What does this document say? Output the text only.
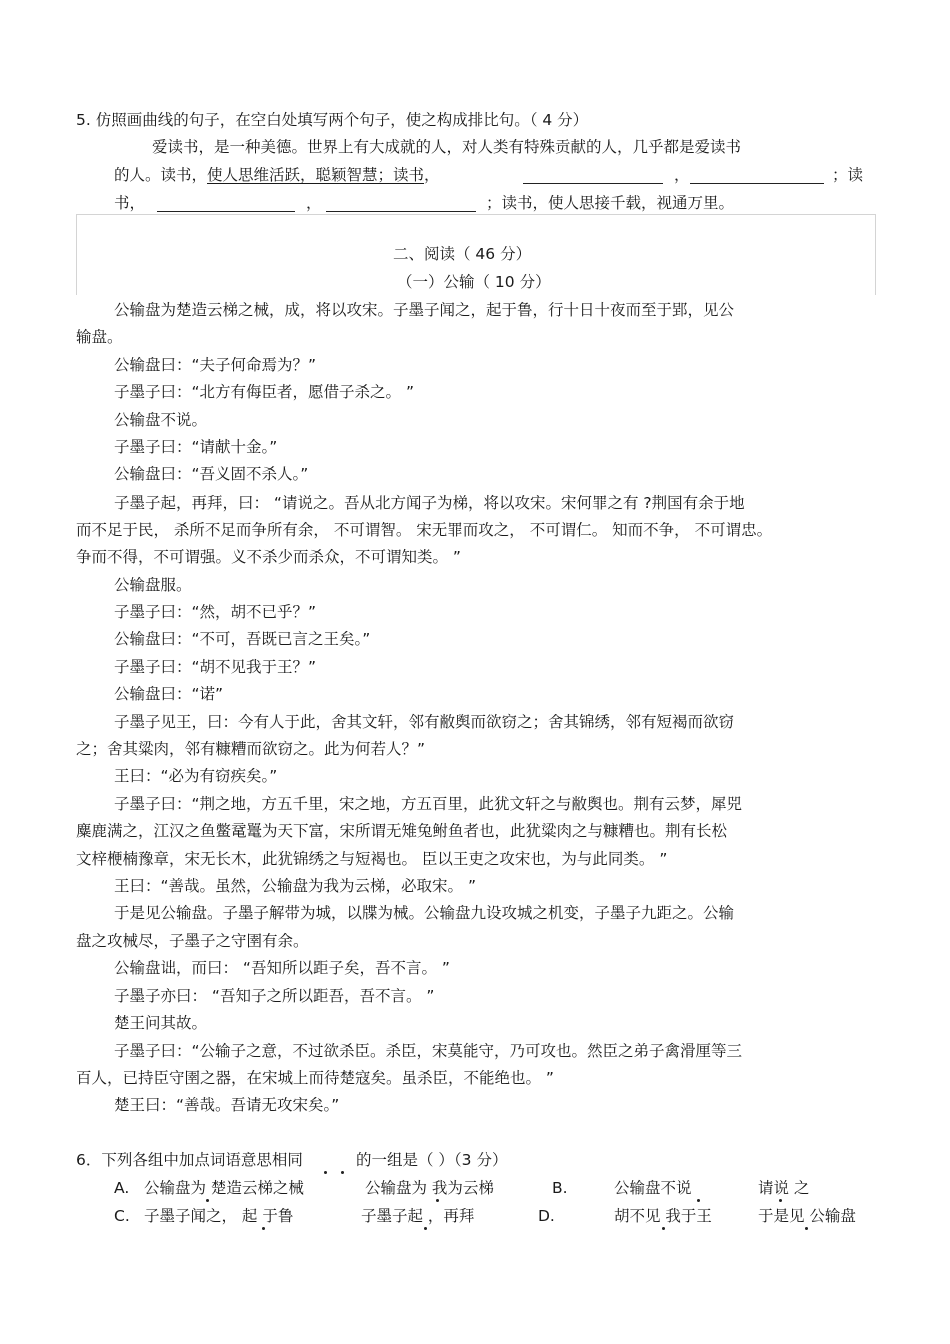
5. 仿照画曲线的句子，在空白处填写两个句子，使之构成排比句。（ 4 分）
爱读书，是一种美德。世界上有大成就的人，对人类有特殊贡献的人，几乎都是爱读书
的人。读书，使人思维活跃，聪颖智慧；读书，	，	；读
书，	，	；读书，使人思接千载，视通万里。
二、阅读（ 46 分）
（一）公输（ 10 分）
公输盘为楚造云梯之械，成，将以攻宋。子墨子闻之，起于鲁，行十日十夜而至于郢，见公
输盘。
公输盘曰：“夫子何命焉为？”
子墨子曰：“北方有侮臣者，愿借子杀之。 ”
公输盘不说。
子墨子曰：“请献十金。”
公输盘曰：“吾义固不杀人。”
子墨子起，再拜，曰： “请说之。吾从北方闻子为梯，将以攻宋。宋何罪之有 ?荆国有余于地
而不足于民， 杀所不足而争所有余， 不可谓智。 宋无罪而攻之， 不可谓仁。 知而不争， 不可谓忠。
争而不得，不可谓强。义不杀少而杀众，不可谓知类。 ”
公输盘服。
子墨子曰：“然，胡不已乎？”
公输盘曰：“不可，吾既已言之王矣。”
子墨子曰：“胡不见我于王？”
公输盘曰：“诺”
子墨子见王，曰：今有人于此，舍其文轩，邻有敝舆而欲窃之；舍其锦绣，邻有短褐而欲窃
之；舍其粱肉，邻有糠糟而欲窃之。此为何若人？”
王曰：“必为有窃疾矣。”
子墨子曰：“荆之地，方五千里，宋之地，方五百里，此犹文轩之与敝舆也。荆有云梦，犀兕
麋鹿满之，江汉之鱼鳖鼋鼍为天下富，宋所谓无雉兔鲋鱼者也，此犹粱肉之与糠糟也。荆有长松
文梓楩楠豫章，宋无长木，此犹锦绣之与短褐也。 臣以王吏之攻宋也，为与此同类。 ”
王曰：“善哉。虽然，公输盘为我为云梯，必取宋。 ”
于是见公输盘。子墨子解带为城，以牒为械。公输盘九设攻城之机变，子墨子九距之。公输
盘之攻械尽，子墨子之守圉有余。
公输盘诎，而曰： “吾知所以距子矣，吾不言。 ”
子墨子亦曰： “吾知子之所以距吾，吾不言。 ”
楚王问其故。
子墨子曰：“公输子之意，不过欲杀臣。杀臣，宋莫能守，乃可攻也。然臣之弟子禽滑厘等三
百人，已持臣守圉之器，在宋城上而待楚寇矣。虽杀臣，不能绝也。 ”
楚王曰：“善哉。吾请无攻宋矣。”
6．下列各组中加点词语意思相同	的一组是（ ）（3 分）
A. 公输盘为 楚造云梯之械	公输盘为 我为云梯	B.	公输盘不说	请说 之
C. 子墨子闻之， 起 于鲁	子墨子起 ，再拜	D.	胡不见 我于王	于是见 公输盘
